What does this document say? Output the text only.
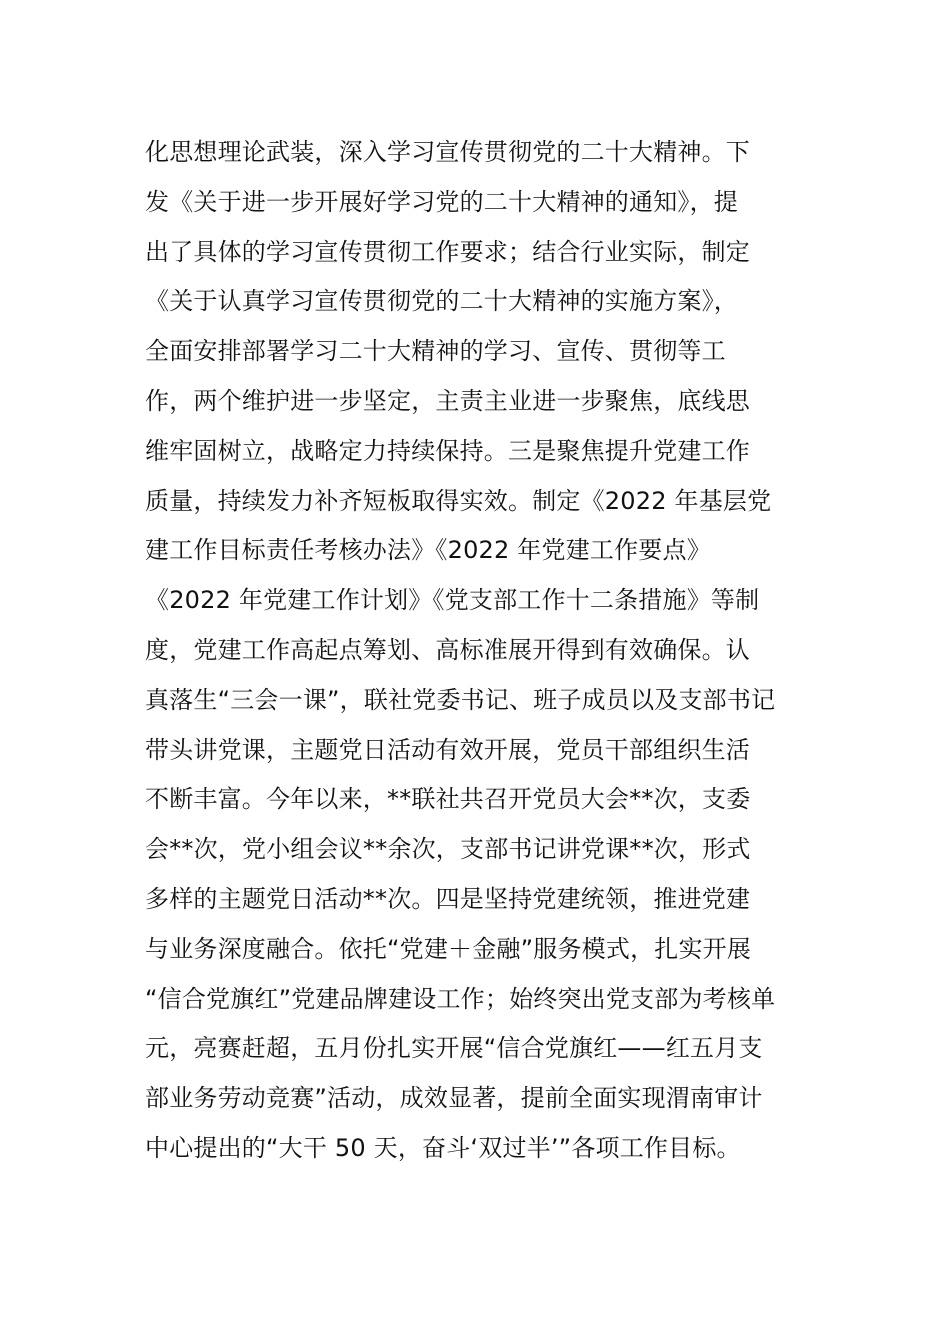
化思想理论武装，深入学习宣传贯彻党的二十大精神。下
发《关于进一步开展好学习党的二十大精神的通知》，提
出了具体的学习宣传贯彻工作要求；结合行业实际，制定
《关于认真学习宣传贯彻党的二十大精神的实施方案》，
全面安排部署学习二十大精神的学习、宣传、贯彻等工
作，两个维护进一步坚定，主责主业进一步聚焦，底线思
维牢固树立，战略定力持续保持。三是聚焦提升党建工作
质量，持续发力补齐短板取得实效。制定《2022 年基层党
建工作目标责任考核办法》《2022 年党建工作要点》
《2022 年党建工作计划》《党支部工作十二条措施》等制
度，党建工作高起点筹划、高标准展开得到有效确保。认
真落生“三会一课”，联社党委书记、班子成员以及支部书记
带头讲党课，主题党日活动有效开展，党员干部组织生活
不断丰富。今年以来，**联社共召开党员大会**次，支委
会**次，党小组会议**余次，支部书记讲党课**次，形式
多样的主题党日活动**次。四是坚持党建统领，推进党建
与业务深度融合。依托“党建＋金融”服务模式，扎实开展
“信合党旗红”党建品牌建设工作；始终突出党支部为考核单
元，亮赛赶超，五月份扎实开展“信合党旗红——红五月支
部业务劳动竞赛”活动，成效显著，提前全面实现渭南审计
中心提出的“大干 50 天，奋斗‘双过半’”各项工作目标。
